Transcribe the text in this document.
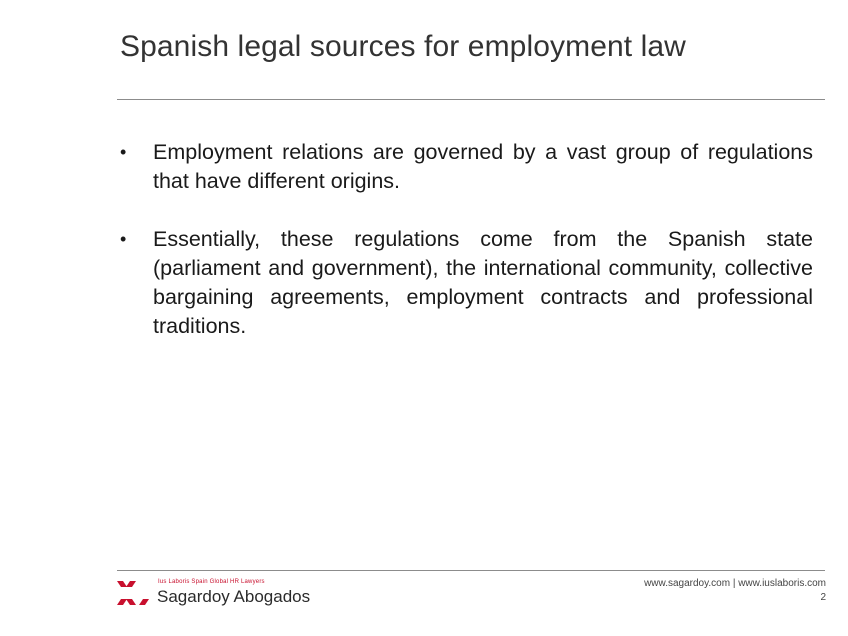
Spanish legal sources for employment law
• Employment relations are governed by a vast group of regulations that have different origins.
• Essentially, these regulations come from the Spanish state (parliament and government), the international community, collective bargaining agreements, employment contracts and professional traditions.
Ius Laboris Spain Global HR Lawyers
Sagardoy Abogados
www.sagardoy.com | www.iuslaboris.com
2
